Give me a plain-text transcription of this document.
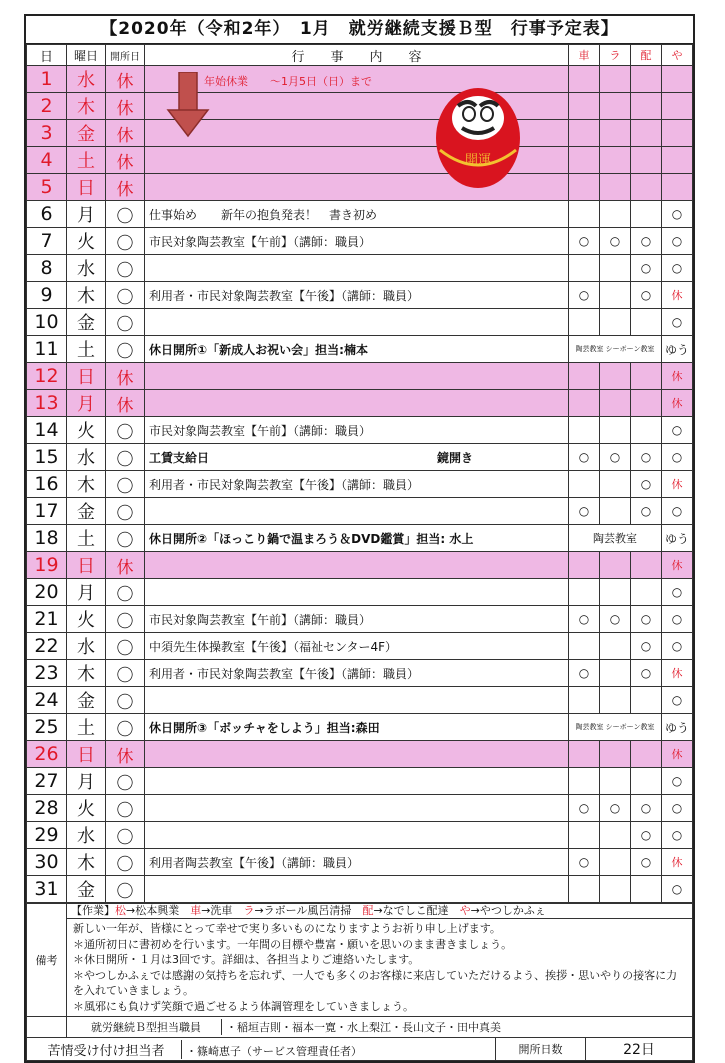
【2020年（令和2年）　1月　就労継続支援Ｂ型　行事予定表】
日	曜日	開所日	行　　事　　内　　容	車	ラ	配	や
1	水	休					
2	木	休					
3	金	休					
4	土	休					
5	日	休					
6	月	〇	仕事始め　　新年の抱負発表！　書き初め				○
7	火	〇	市民対象陶芸教室【午前】（講師：職員）	○	○	○	○
8	水	〇				○	○
9	木	〇	利用者・市民対象陶芸教室【午後】（講師：職員）	○		○	休
10	金	〇					○
11	土	〇	休日開所①「新成人お祝い会」担当:楠本	陶芸教室 シーボーン教室			ゆう
12	日	休					休
13	月	休					休
14	火	〇	市民対象陶芸教室【午前】（講師：職員）				○
15	水	〇	工賃支給日　　　　　　　　　　　　　　　　　　　鏡開き	○	○	○	○
16	木	〇	利用者・市民対象陶芸教室【午後】（講師：職員）			○	休
17	金	〇		○		○	○
18	土	〇	休日開所②「ほっこり鍋で温まろう＆DVD鑑賞」担当: 水上	陶芸教室			ゆう
19	日	休					休
20	月	〇					○
21	火	〇	市民対象陶芸教室【午前】（講師：職員）	○	○	○	○
22	水	〇	中須先生体操教室【午後】（福祉センター4F）			○	○
23	木	〇	利用者・市民対象陶芸教室【午後】（講師：職員）	○		○	休
24	金	〇					○
25	土	〇	休日開所③「ボッチャをしよう」担当:森田	陶芸教室 シーボーン教室			ゆう
26	日	休					休
27	月	〇					○
28	火	〇		○	○	○	○
29	水	〇				○	○
30	木	〇	利用者陶芸教室【午後】（講師：職員）	○		○	休
31	金	〇					○
備考	【作業】松→松本興業　車→洗車　ラ→ラボール風呂清掃　配→なでしこ配達　や→やつしかふぇ		

	新しい一年が、皆様にとって幸せで実り多いものになりますようお祈り申し上げます。
＊通所初日に書初めを行います。一年間の目標や豊富・願いを思いのまま書きましょう。
＊休日開所・１月は3回です。詳細は、各担当よりご連絡いたします。
＊やつしかふぇでは感謝の気持ちを忘れず、一人でも多くのお客様に来店していただけるよう、挨拶・思いやりの接客に力を入れていきましょう。
＊風邪にも負けず笑顔で過ごせるよう体調管理をしていきましょう。		

	就労継続Ｂ型担当職員 ・稲垣吉則・福本一寛・水上梨江・長山文子・田中真美		
苦情受け付け担当者 ・篠崎恵子（サービス管理責任者）		開所日数	22日
年始休業　　～1月5日（日）まで
開運
